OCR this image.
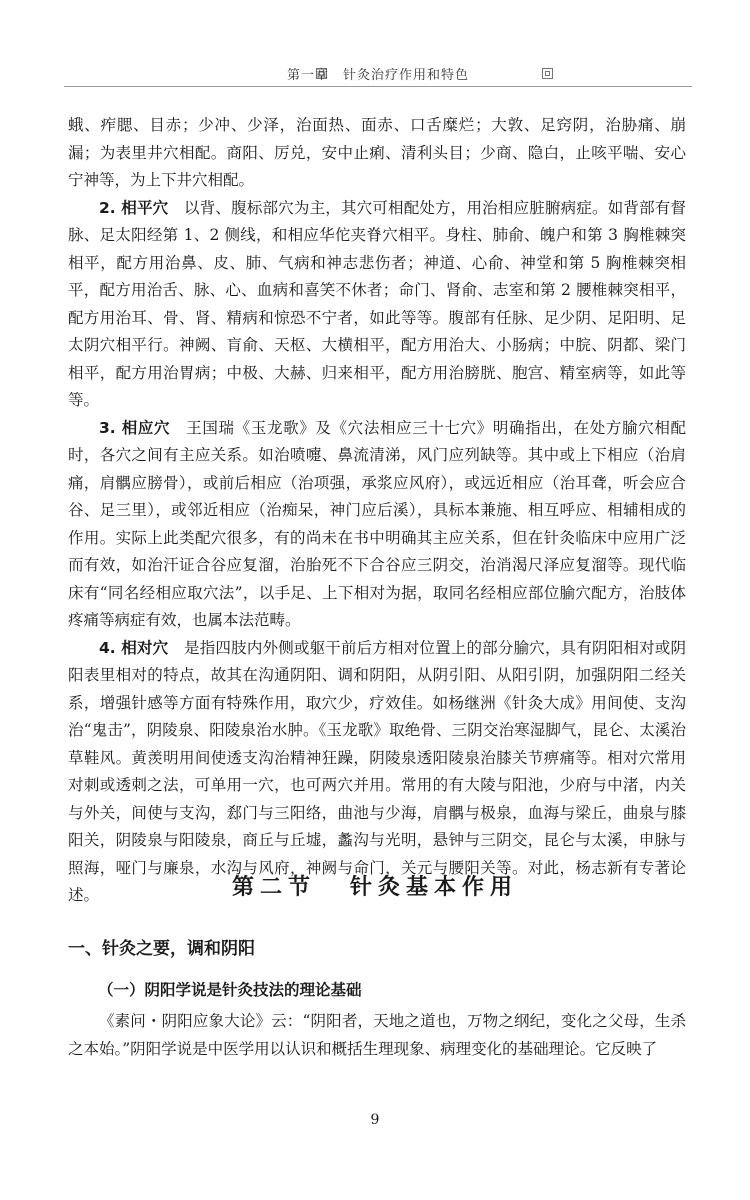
第一章　针灸治疗作用和特色

蛾、痄腮、目赤；少冲、少泽，治面热、面赤、口舌糜烂；大敦、足窍阴，治胁痛、崩漏；为表里井穴相配。商阳、厉兑，安中止痢、清利头目；少商、隐白，止咳平喘、安心宁神等，为上下井穴相配。

2. 相平穴　 以背、腹标部穴为主，其穴可相配处方，用治相应脏腑病症。如背部有督脉、足太阳经第 1、2 侧线，和相应华佗夹脊穴相平。身柱、肺俞、魄户和第 3 胸椎棘突相平，配方用治鼻、皮、肺、气病和神志悲伤者；神道、心俞、神堂和第 5 胸椎棘突相平，配方用治舌、脉、心、血病和喜笑不休者；命门、肾俞、志室和第 2 腰椎棘突相平，配方用治耳、骨、肾、精病和惊恐不宁者，如此等等。腹部有任脉、足少阴、足阳明、足太阴穴相平行。神阙、肓俞、天枢、大横相平，配方用治大、小肠病；中脘、阴都、梁门相平，配方用治胃病；中极、大赫、归来相平，配方用治膀胱、胞宫、精室病等，如此等等。

3. 相应穴　 王国瑞《玉龙歌》及《穴法相应三十七穴》明确指出，在处方腧穴相配时，各穴之间有主应关系。如治喷嚏、鼻流清涕，风门应列缺等。其中或上下相应（治肩痛，肩髃应膀骨），或前后相应（治项强，承浆应风府），或远近相应（治耳聋，听会应合谷、足三里），或邻近相应（治痴呆，神门应后溪），具标本兼施、相互呼应、相辅相成的作用。实际上此类配穴很多，有的尚未在书中明确其主应关系，但在针灸临床中应用广泛而有效，如治汗证合谷应复溜，治胎死不下合谷应三阴交，治消渴尺泽应复溜等。现代临床有“同名经相应取穴法”，以手足、上下相对为据，取同名经相应部位腧穴配方，治肢体疼痛等病症有效，也属本法范畴。

4. 相对穴　 是指四肢内外侧或躯干前后方相对位置上的部分腧穴，具有阴阳相对或阴阳表里相对的特点，故其在沟通阴阳、调和阴阳，从阴引阳、从阳引阴，加强阴阳二经关系，增强针感等方面有特殊作用，取穴少，疗效佳。如杨继洲《针灸大成》用间使、支沟治“鬼击”，阴陵泉、阳陵泉治水肿。《玉龙歌》取绝骨、三阴交治寒湿脚气，昆仑、太溪治草鞋风。黄羡明用间使透支沟治精神狂躁，阴陵泉透阳陵泉治膝关节痹痛等。相对穴常用对刺或透刺之法，可单用一穴，也可两穴并用。常用的有大陵与阳池，少府与中渚，内关与外关，间使与支沟，郄门与三阳络，曲池与少海，肩髃与极泉，血海与梁丘，曲泉与膝阳关，阴陵泉与阳陵泉，商丘与丘墟，蠡沟与光明，悬钟与三阴交，昆仑与太溪，申脉与照海，哑门与廉泉，水沟与风府，神阙与命门，关元与腰阳关等。对此，杨志新有专著论述。	第二节 针灸基本作用
一、针灸之要，调和阴阳
（一）阴阳学说是针灸技法的理论基础

《素问・阴阳应象大论》云：“阴阳者，天地之道也，万物之纲纪，变化之父母，生杀之本始。”阴阳学说是中医学用以认识和概括生理现象、病理变化的基础理论。它反映了

9
